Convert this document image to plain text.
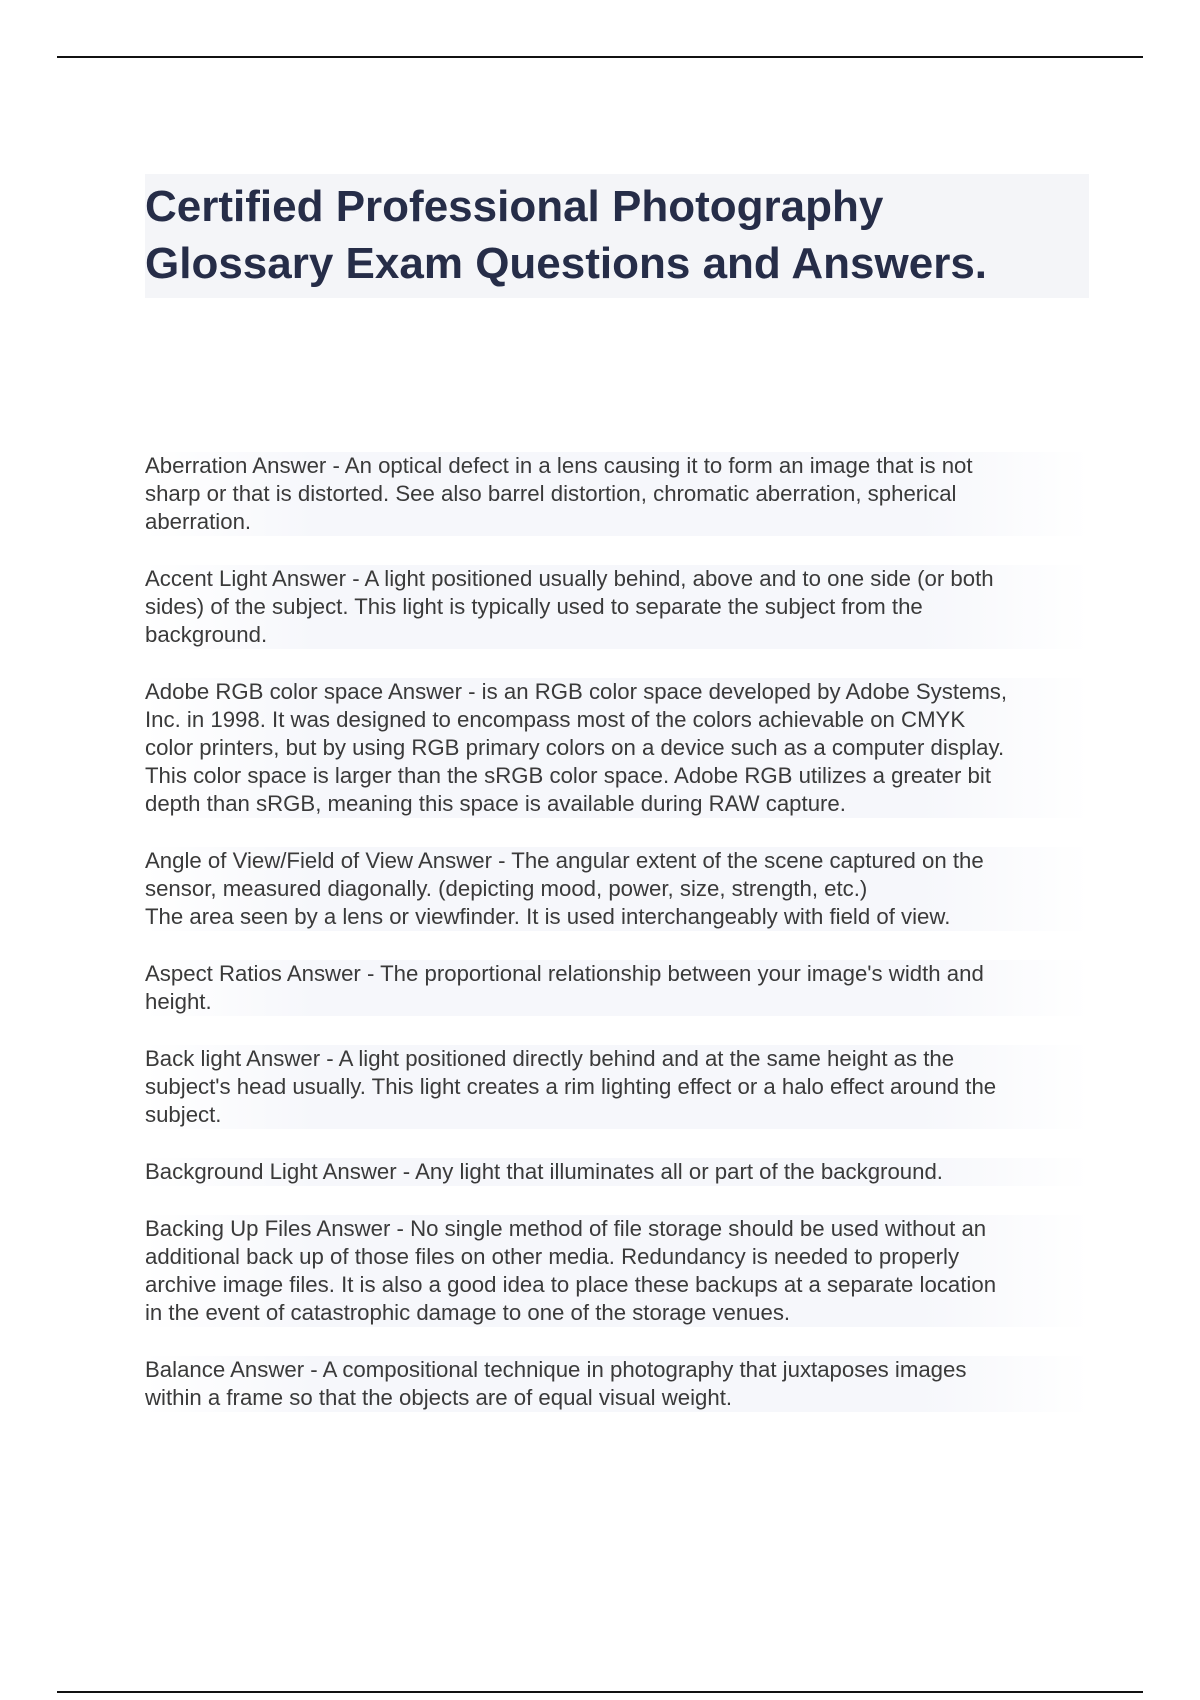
Certified Professional Photography
Glossary Exam Questions and Answers.

Aberration Answer - An optical defect in a lens causing it to form an image that is not
sharp or that is distorted. See also barrel distortion, chromatic aberration, spherical
aberration.

Accent Light Answer - A light positioned usually behind, above and to one side (or both
sides) of the subject. This light is typically used to separate the subject from the
background.

Adobe RGB color space Answer - is an RGB color space developed by Adobe Systems,
Inc. in 1998. It was designed to encompass most of the colors achievable on CMYK
color printers, but by using RGB primary colors on a device such as a computer display.
This color space is larger than the sRGB color space. Adobe RGB utilizes a greater bit
depth than sRGB, meaning this space is available during RAW capture.

Angle of View/Field of View Answer - The angular extent of the scene captured on the
sensor, measured diagonally. (depicting mood, power, size, strength, etc.)
The area seen by a lens or viewfinder. It is used interchangeably with field of view.

Aspect Ratios Answer - The proportional relationship between your image's width and
height.

Back light Answer - A light positioned directly behind and at the same height as the
subject's head usually. This light creates a rim lighting effect or a halo effect around the
subject.

Background Light Answer - Any light that illuminates all or part of the background.

Backing Up Files Answer - No single method of file storage should be used without an
additional back up of those files on other media. Redundancy is needed to properly
archive image files. It is also a good idea to place these backups at a separate location
in the event of catastrophic damage to one of the storage venues.

Balance Answer - A compositional technique in photography that juxtaposes images
within a frame so that the objects are of equal visual weight.
